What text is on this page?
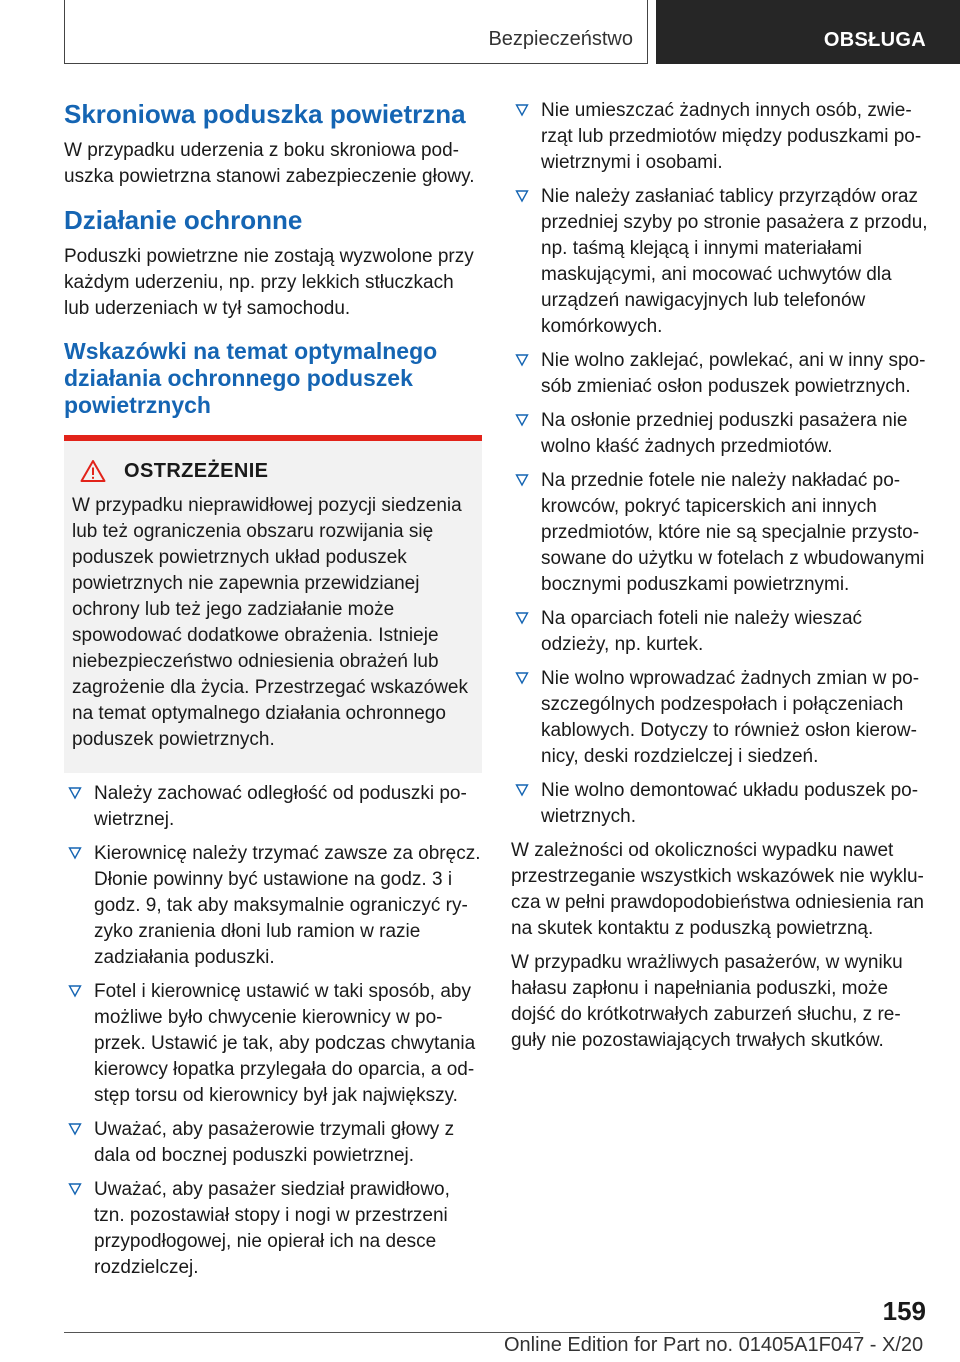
Bezpieczeństwo	OBSŁUGA
Skroniowa poduszka powietrzna

W przypadku uderzenia z boku skroniowa poduszka powietrzna stanowi zabezpieczenie głowy.

Działanie ochronne

Poduszki powietrzne nie zostają wyzwolone przy każdym uderzeniu, np. przy lekkich stłuczkach lub uderzeniach w tył samochodu.

Wskazówki na temat optymalnego działania ochronnego poduszek powietrznych
OSTRZEŻENIE

W przypadku nieprawidłowej pozycji siedzenia lub też ograniczenia obszaru rozwijania się poduszek powietrznych układ poduszek powietrznych nie zapewnia przewidzianej ochrony lub też jego zadziałanie może spowodować dodatkowe obrażenia. Istnieje niebezpieczeństwo odniesienia obrażeń lub zagrożenie dla życia. Przestrzegać wskazówek na temat optymalnego działania ochronnego poduszek powietrznych.

Należy zachować odległość od poduszki powietrznej.
Kierownicę należy trzymać zawsze za obręcz. Dłonie powinny być ustawione na godz. 3 i godz. 9, tak aby maksymalnie ograniczyć ryzyko zranienia dłoni lub ramion w razie zadziałania poduszki.
Fotel i kierownicę ustawić w taki sposób, aby możliwe było chwycenie kierownicy w poprzek. Ustawić je tak, aby podczas chwytania kierowcy łopatka przylegała do oparcia, a odstęp torsu od kierownicy był jak największy.
Uważać, aby pasażerowie trzymali głowy z dala od bocznej poduszki powietrznej.
Uważać, aby pasażer siedział prawidłowo, tzn. pozostawiał stopy i nogi w przestrzeni przypodłogowej, nie opierał ich na desce rozdzielczej.
Nie umieszczać żadnych innych osób, zwierząt lub przedmiotów między poduszkami powietrznymi i osobami.
Nie należy zasłaniać tablicy przyrządów oraz przedniej szyby po stronie pasażera z przodu, np. taśmą klejącą i innymi materiałami maskującymi, ani mocować uchwytów dla urządzeń nawigacyjnych lub telefonów komórkowych.
Nie wolno zaklejać, powlekać, ani w inny sposób zmieniać osłon poduszek powietrznych.
Na osłonie przedniej poduszki pasażera nie wolno kłaść żadnych przedmiotów.
Na przednie fotele nie należy nakładać pokrowców, pokryć tapicerskich ani innych przedmiotów, które nie są specjalnie przystosowane do użytku w fotelach z wbudowanymi bocznymi poduszkami powietrznymi.
Na oparciach foteli nie należy wieszać odzieży, np. kurtek.
Nie wolno wprowadzać żadnych zmian w poszczególnych podzespołach i połączeniach kablowych. Dotyczy to również osłon kierownicy, deski rozdzielczej i siedzeń.
Nie wolno demontować układu poduszek powietrznych.

W zależności od okoliczności wypadku nawet przestrzeganie wszystkich wskazówek nie wyklucza w pełni prawdopodobieństwa odniesienia ran na skutek kontaktu z poduszką powietrzną.

W przypadku wrażliwych pasażerów, w wyniku hałasu zapłonu i napełniania poduszki, może dojść do krótkotrwałych zaburzeń słuchu, z reguły nie pozostawiających trwałych skutków.

159
Online Edition for Part no. 01405A1F047 - X/20
